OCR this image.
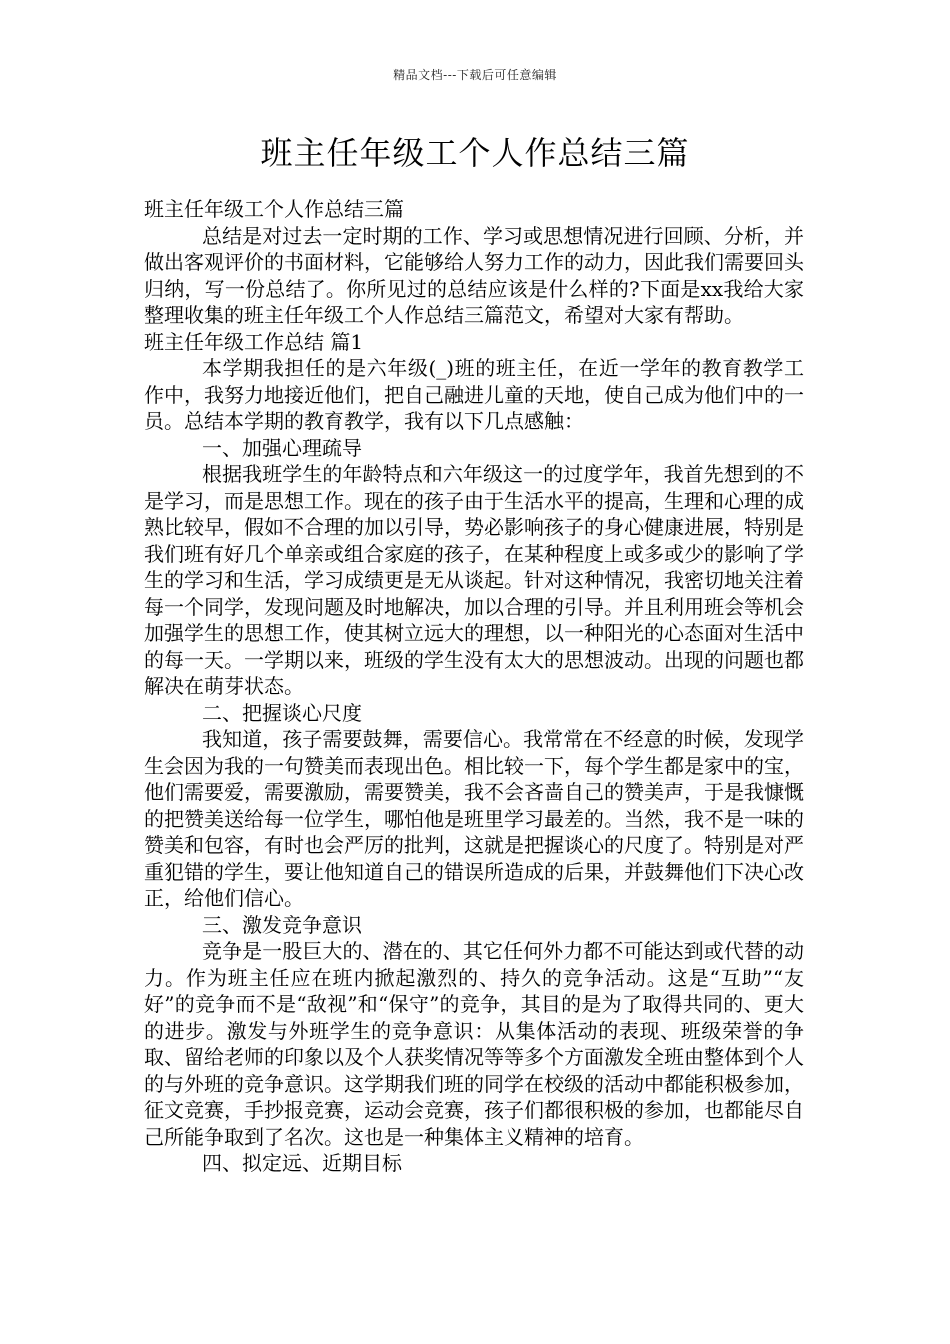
精品文档---下载后可任意编辑
班主任年级工个人作总结三篇

班主任年级工个人作总结三篇

总结是对过去一定时期的工作、学习或思想情况进行回顾、分析，并做出客观评价的书面材料，它能够给人努力工作的动力，因此我们需要回头归纳，写一份总结了。你所见过的总结应该是什么样的?下面是xx我给大家整理收集的班主任年级工个人作总结三篇范文，希望对大家有帮助。

班主任年级工作总结 篇1

本学期我担任的是六年级(_)班的班主任，在近一学年的教育教学工作中，我努力地接近他们，把自己融进儿童的天地，使自己成为他们中的一员。总结本学期的教育教学，我有以下几点感触：

一、加强心理疏导

根据我班学生的年龄特点和六年级这一的过度学年，我首先想到的不是学习，而是思想工作。现在的孩子由于生活水平的提高，生理和心理的成熟比较早，假如不合理的加以引导，势必影响孩子的身心健康进展，特别是我们班有好几个单亲或组合家庭的孩子，在某种程度上或多或少的影响了学生的学习和生活，学习成绩更是无从谈起。针对这种情况，我密切地关注着每一个同学，发现问题及时地解决，加以合理的引导。并且利用班会等机会加强学生的思想工作，使其树立远大的理想，以一种阳光的心态面对生活中的每一天。一学期以来，班级的学生没有太大的思想波动。出现的问题也都解决在萌芽状态。

二、把握谈心尺度

我知道，孩子需要鼓舞，需要信心。我常常在不经意的时候，发现学生会因为我的一句赞美而表现出色。相比较一下，每个学生都是家中的宝，他们需要爱，需要激励，需要赞美，我不会吝啬自己的赞美声，于是我慷慨的把赞美送给每一位学生，哪怕他是班里学习最差的。当然，我不是一味的赞美和包容，有时也会严厉的批判，这就是把握谈心的尺度了。特别是对严重犯错的学生，要让他知道自己的错误所造成的后果，并鼓舞他们下决心改正，给他们信心。

三、激发竞争意识

竞争是一股巨大的、潜在的、其它任何外力都不可能达到或代替的动力。作为班主任应在班内掀起激烈的、持久的竞争活动。这是“互助”“友好”的竞争而不是“敌视”和“保守”的竞争，其目的是为了取得共同的、更大的进步。激发与外班学生的竞争意识：从集体活动的表现、班级荣誉的争取、留给老师的印象以及个人获奖情况等等多个方面激发全班由整体到个人的与外班的竞争意识。这学期我们班的同学在校级的活动中都能积极参加，征文竞赛，手抄报竞赛，运动会竞赛，孩子们都很积极的参加，也都能尽自己所能争取到了名次。这也是一种集体主义精神的培育。

四、拟定远、近期目标
